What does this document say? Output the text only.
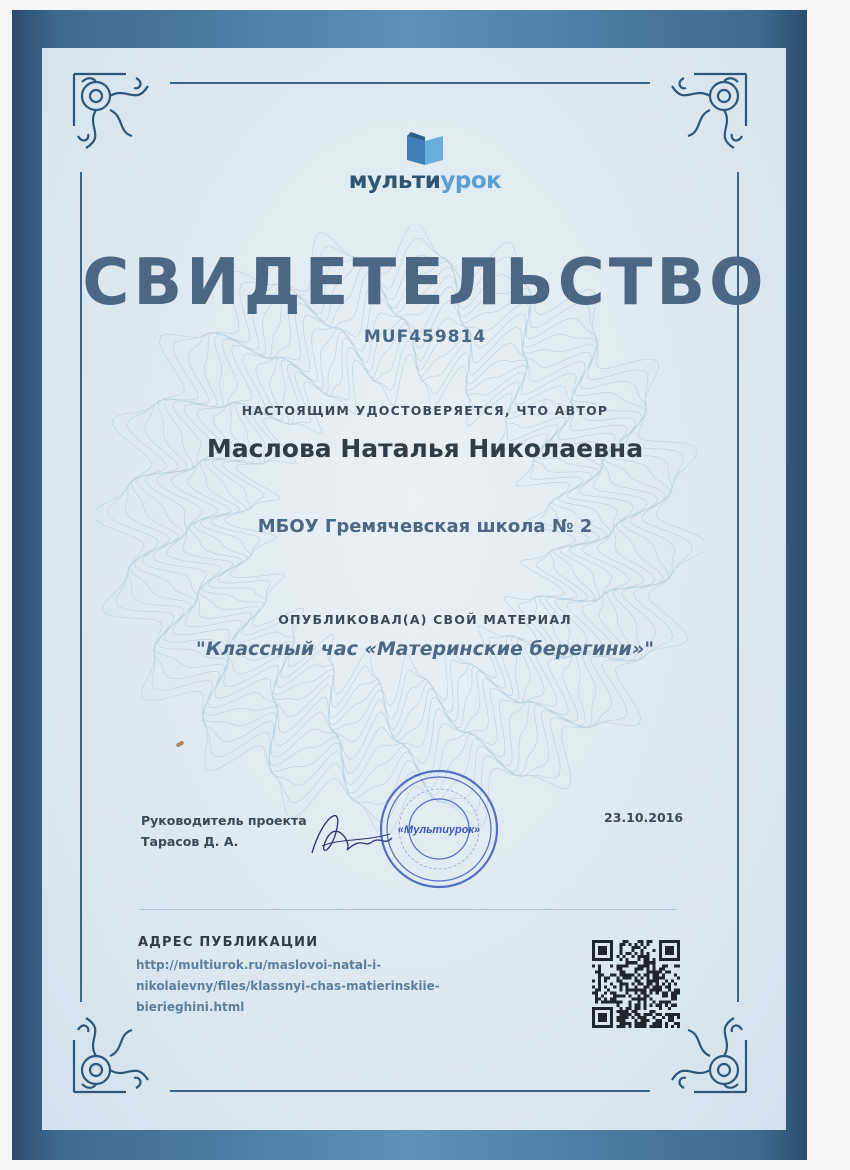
мультиурок
СВИДЕТЕЛЬСТВО
MUF459814
НАСТОЯЩИМ УДОСТОВЕРЯЕТСЯ, ЧТО АВТОР
Маслова Наталья Николаевна
МБОУ Гремячевская школа № 2
ОПУБЛИКОВАЛ(А) СВОЙ МАТЕРИАЛ
"Классный час «Материнские берегини»"
Руководитель проекта
Тарасов Д. А.
«Мультиурок»
23.10.2016
АДРЕС ПУБЛИКАЦИИ
http://multiurok.ru/maslovoi-natal-i-
nikolaievny/files/klassnyi-chas-matierinskiie-
bierieghini.html
